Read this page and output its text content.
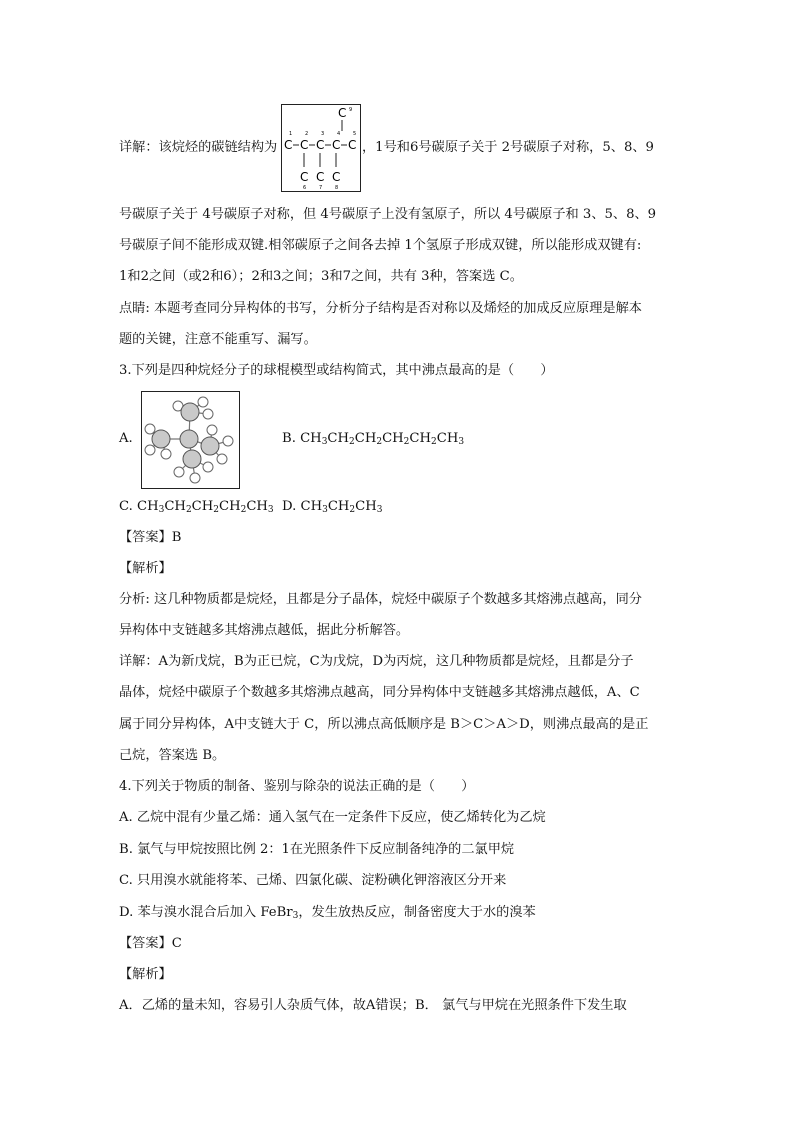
详解：该烷烃的碳链结构为
C 9
C C C C C
1	2	3	4	5
C C C
6	7	8
，1号和6号碳原子关于 2号碳原子对称，5、8、9
号碳原子关于 4号碳原子对称，但 4号碳原子上没有氢原子，所以 4号碳原子和 3、5、8、9
号碳原子间不能形成双键.相邻碳原子之间各去掉 1个氢原子形成双键，所以能形成双键有:
1和2之间（或2和6）；2和3之间；3和7之间，共有 3种，答案选 C。
点睛: 本题考查同分异构体的书写，分析分子结构是否对称以及烯烃的加成反应原理是解本
题的关键，注意不能重写、漏写。
3.下列是四种烷烃分子的球棍模型或结构简式，其中沸点最高的是（　　）
A.	B. $CH_3CH_2CH_2CH_2CH_2CH_3$
C. $CH_3CH_2CH_2CH_2CH_3$ D. $CH_3CH_2CH_3$
【答案】B
【解析】
分析: 这几种物质都是烷烃，且都是分子晶体，烷烃中碳原子个数越多其熔沸点越高，同分
异构体中支链越多其熔沸点越低，据此分析解答。
详解：A为新戊烷，B为正已烷，C为戊烷，D为丙烷，这几种物质都是烷烃，且都是分子
晶体，烷烃中碳原子个数越多其熔沸点越高，同分异构体中支链越多其熔沸点越低，A、C
属于同分异构体，A中支链大于 C，所以沸点高低顺序是 B＞C＞A＞D，则沸点最高的是正
己烷，答案选 B。
4.下列关于物质的制备、鉴别与除杂的说法正确的是（　　）
A. 乙烷中混有少量乙烯：通入氢气在一定条件下反应，使乙烯转化为乙烷
B. 氯气与甲烷按照比例 2：1在光照条件下反应制备纯净的二氯甲烷
C. 只用溴水就能将苯、己烯、四氯化碳、淀粉碘化钾溶液区分开来
D. 苯与溴水混合后加入 FeBr$_3$，发生放热反应，制备密度大于水的溴苯
【答案】C
【解析】
A．乙烯的量未知，容易引人杂质气体，故A错误；B． 氯气与甲烷在光照条件下发生取
